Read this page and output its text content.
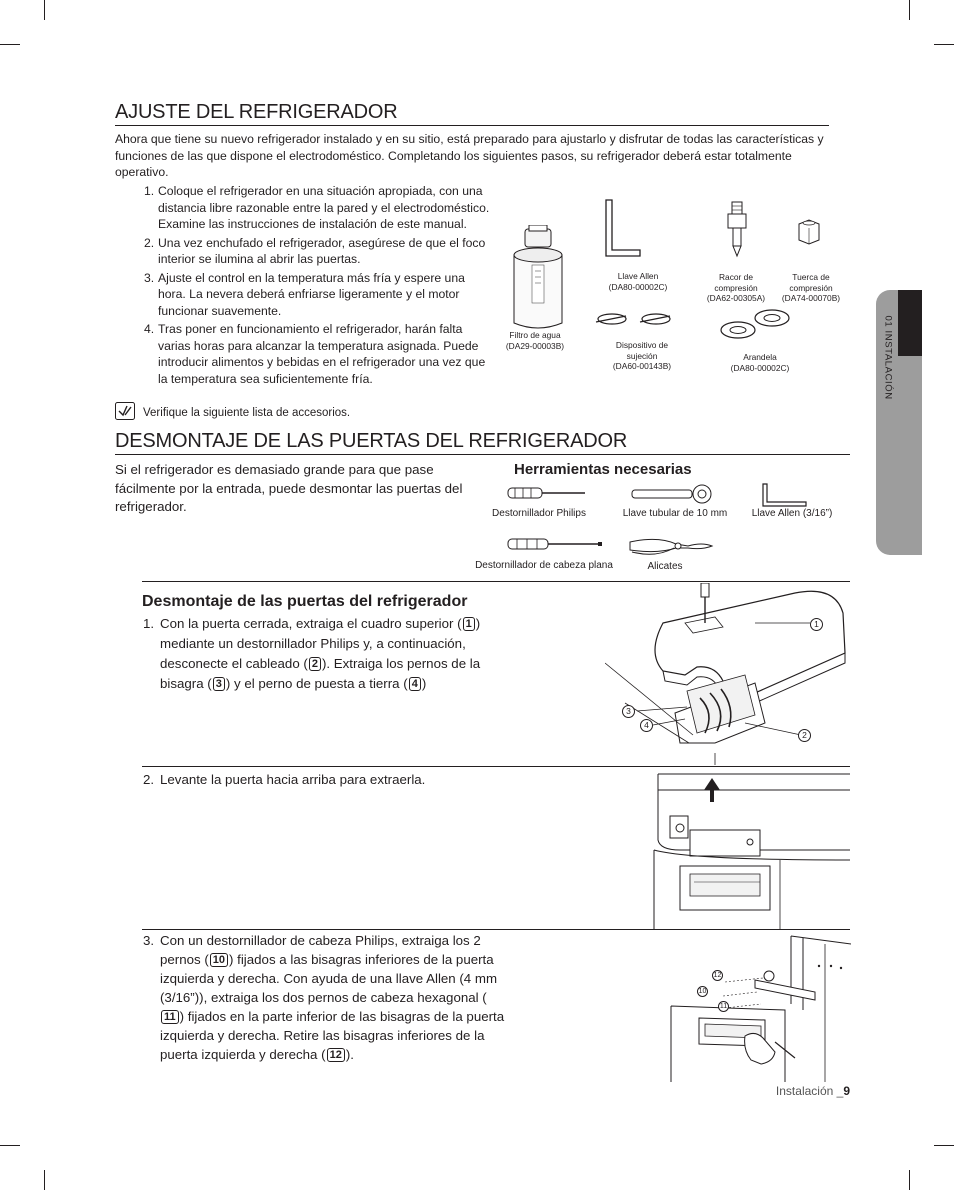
AJUSTE DEL REFRIGERADOR
Ahora que tiene su nuevo refrigerador instalado y en su sitio, está preparado para ajustarlo y disfrutar de todas las características y funciones de las que dispone el electrodoméstico. Completando los siguientes pasos, su refrigerador deberá estar totalmente operativo.
1. Coloque el refrigerador en una situación apropiada, con una distancia libre razonable entre la pared y el electrodoméstico. Examine las instrucciones de instalación de este manual.
2. Una vez enchufado el refrigerador, asegúrese de que el foco interior se ilumina al abrir las puertas.
3. Ajuste el control en la temperatura más fría y espere una hora. La nevera deberá enfriarse ligeramente y el motor funcionar suavemente.
4. Tras poner en funcionamiento el refrigerador, harán falta varias horas para alcanzar la temperatura asignada. Puede introducir alimentos y bebidas en el refrigerador una vez que la temperatura sea suficientemente fría.
Verifique la siguiente lista de accesorios.
Filtro de agua
(DA29-00003B)
Llave Allen
(DA80-00002C)
Racor de compresión
(DA62-00305A)
Tuerca de compresión
(DA74-00070B)
Dispositivo de sujeción
(DA60-00143B)
Arandela
(DA80-00002C)
DESMONTAJE DE LAS PUERTAS DEL REFRIGERADOR
Si el refrigerador es demasiado grande para que pase fácilmente por la entrada, puede desmontar las puertas del refrigerador.
Herramientas necesarias
Destornillador Philips	Llave tubular de 10 mm	Llave Allen (3/16”)
Destornillador de cabeza plana	Alicates
Desmontaje de las puertas del refrigerador
1. Con la puerta cerrada, extraiga el cuadro superior ( 1 ) mediante un destornillador Philips y, a continuación, desconecte el cableado ( 2 ). Extraiga los pernos de la bisagra ( 3 ) y el perno de puesta a tierra ( 4 )
1
2
3
4
2. Levante la puerta hacia arriba para extraerla.
3. Con un destornillador de cabeza Philips, extraiga los 2 pernos ( 10 ) fijados a las bisagras inferiores de la puerta izquierda y derecha. Con ayuda de una llave Allen (4 mm (3/16”)), extraiga los dos pernos de cabeza hexagonal (11 ) fijados en la parte inferior de las bisagras de la puerta izquierda y derecha. Retire las bisagras inferiores de la puerta izquierda y derecha ( 12 ).
12
10
11
01 INSTALACIÓN
Instalación _9
